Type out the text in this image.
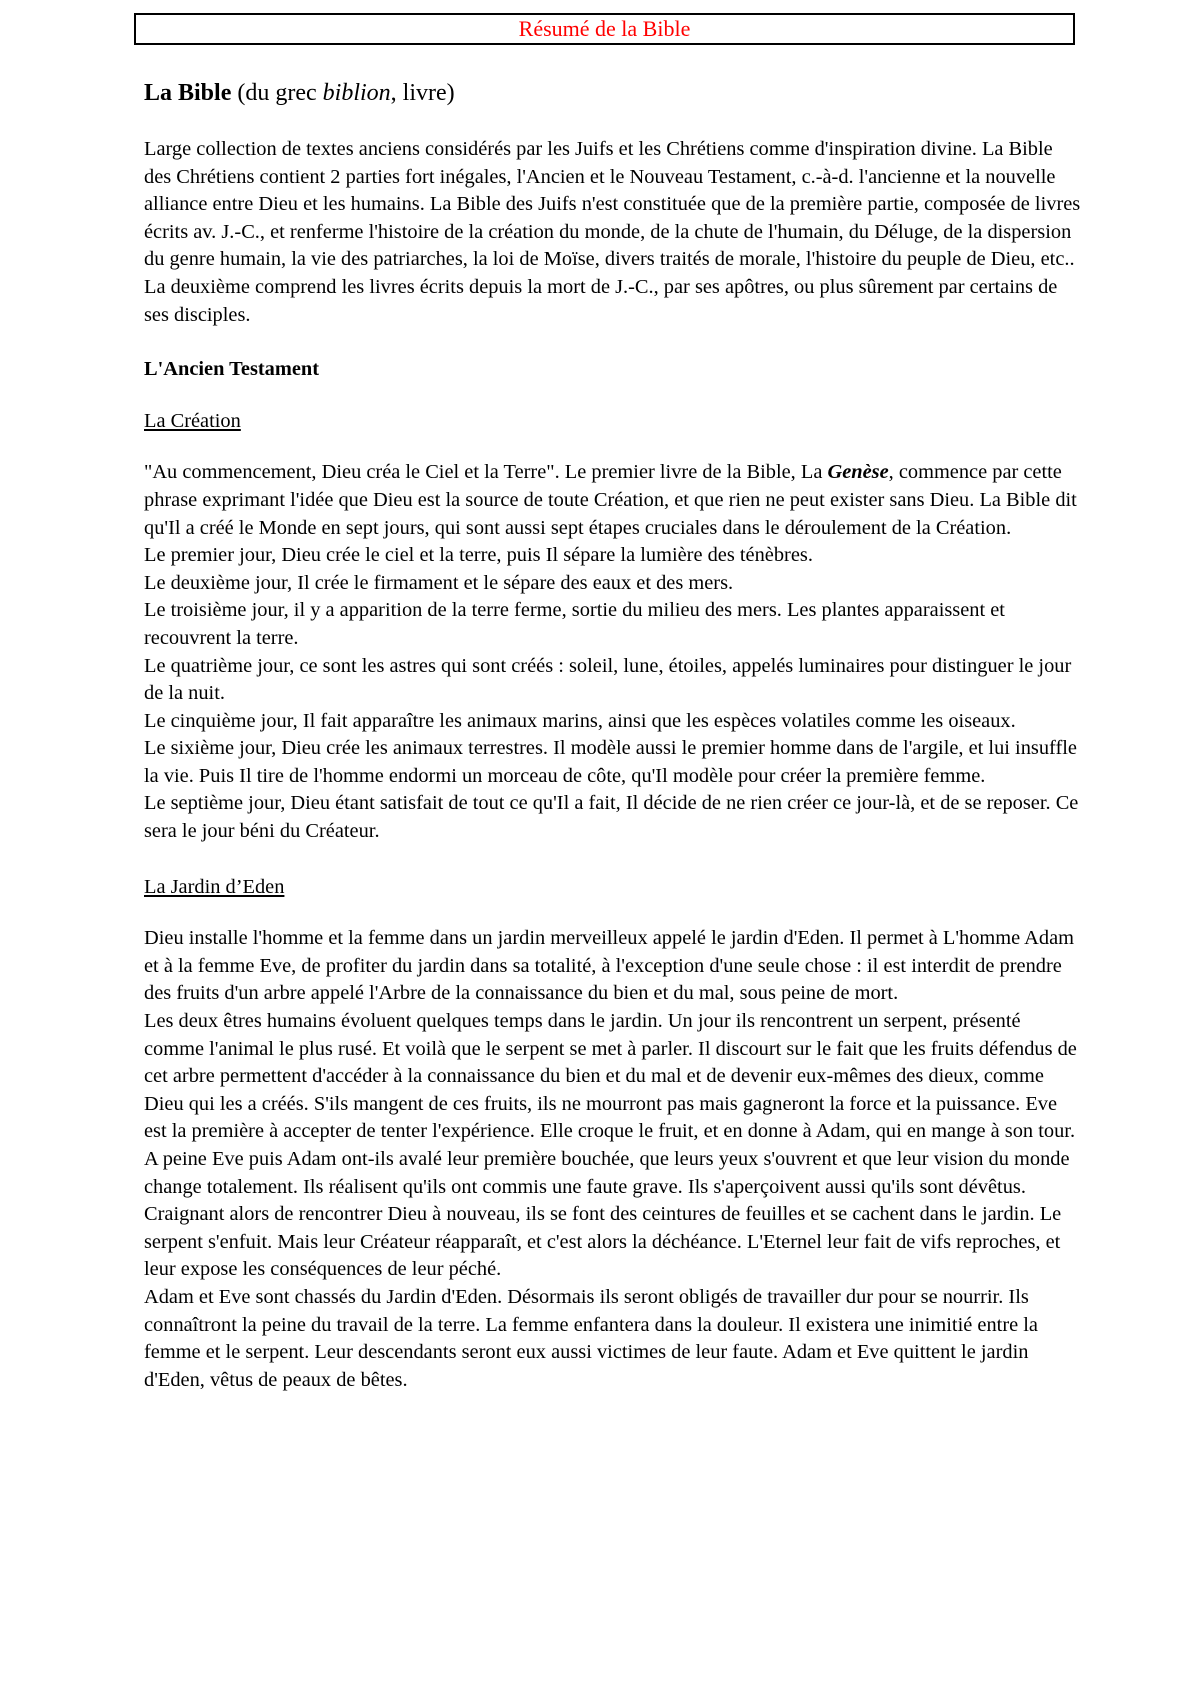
Résumé de la Bible
La Bible (du grec biblion, livre)

Large collection de textes anciens considérés par les Juifs et les Chrétiens comme d'inspiration divine. La Bible des Chrétiens contient 2 parties fort inégales, l'Ancien et le Nouveau Testament, c.-à-d. l'ancienne et la nouvelle alliance entre Dieu et les humains. La Bible des Juifs n'est constituée que de la première partie, composée de livres écrits av. J.-C., et renferme l'histoire de la création du monde, de la chute de l'humain, du Déluge, de la dispersion du genre humain, la vie des patriarches, la loi de Moïse, divers traités de morale, l'histoire du peuple de Dieu, etc.. La deuxième comprend les livres écrits depuis la mort de J.-C., par ses apôtres, ou plus sûrement par certains de ses disciples.

L'Ancien Testament

La Création

"Au commencement, Dieu créa le Ciel et la Terre". Le premier livre de la Bible, La Genèse, commence par cette phrase exprimant l'idée que Dieu est la source de toute Création, et que rien ne peut exister sans Dieu. La Bible dit qu'Il a créé le Monde en sept jours, qui sont aussi sept étapes cruciales dans le déroulement de la Création.

Le premier jour, Dieu crée le ciel et la terre, puis Il sépare la lumière des ténèbres.

Le deuxième jour, Il crée le firmament et le sépare des eaux et des mers.

Le troisième jour, il y a apparition de la terre ferme, sortie du milieu des mers. Les plantes apparaissent et recouvrent la terre.

Le quatrième jour, ce sont les astres qui sont créés : soleil, lune, étoiles, appelés luminaires pour distinguer le jour de la nuit.

Le cinquième jour, Il fait apparaître les animaux marins, ainsi que les espèces volatiles comme les oiseaux.

Le sixième jour, Dieu crée les animaux terrestres. Il modèle aussi le premier homme dans de l'argile, et lui insuffle la vie. Puis Il tire de l'homme endormi un morceau de côte, qu'Il modèle pour créer la première femme.

Le septième jour, Dieu étant satisfait de tout ce qu'Il a fait, Il décide de ne rien créer ce jour-là, et de se reposer. Ce sera le jour béni du Créateur.

La Jardin d’Eden

Dieu installe l'homme et la femme dans un jardin merveilleux appelé le jardin d'Eden. Il permet à L'homme Adam et à la femme Eve, de profiter du jardin dans sa totalité, à l'exception d'une seule chose : il est interdit de prendre des fruits d'un arbre appelé l'Arbre de la connaissance du bien et du mal, sous peine de mort.

Les deux êtres humains évoluent quelques temps dans le jardin. Un jour ils rencontrent un serpent, présenté comme l'animal le plus rusé. Et voilà que le serpent se met à parler. Il discourt sur le fait que les fruits défendus de cet arbre permettent d'accéder à la connaissance du bien et du mal et de devenir eux-mêmes des dieux, comme Dieu qui les a créés. S'ils mangent de ces fruits, ils ne mourront pas mais gagneront la force et la puissance. Eve est la première à accepter de tenter l'expérience. Elle croque le fruit, et en donne à Adam, qui en mange à son tour.

A peine Eve puis Adam ont-ils avalé leur première bouchée, que leurs yeux s'ouvrent et que leur vision du monde change totalement. Ils réalisent qu'ils ont commis une faute grave. Ils s'aperçoivent aussi qu'ils sont dévêtus. Craignant alors de rencontrer Dieu à nouveau, ils se font des ceintures de feuilles et se cachent dans le jardin. Le serpent s'enfuit. Mais leur Créateur réapparaît, et c'est alors la déchéance. L'Eternel leur fait de vifs reproches, et leur expose les conséquences de leur péché.

Adam et Eve sont chassés du Jardin d'Eden. Désormais ils seront obligés de travailler dur pour se nourrir. Ils connaîtront la peine du travail de la terre. La femme enfantera dans la douleur. Il existera une inimitié entre la femme et le serpent. Leur descendants seront eux aussi victimes de leur faute. Adam et Eve quittent le jardin d'Eden, vêtus de peaux de bêtes.
